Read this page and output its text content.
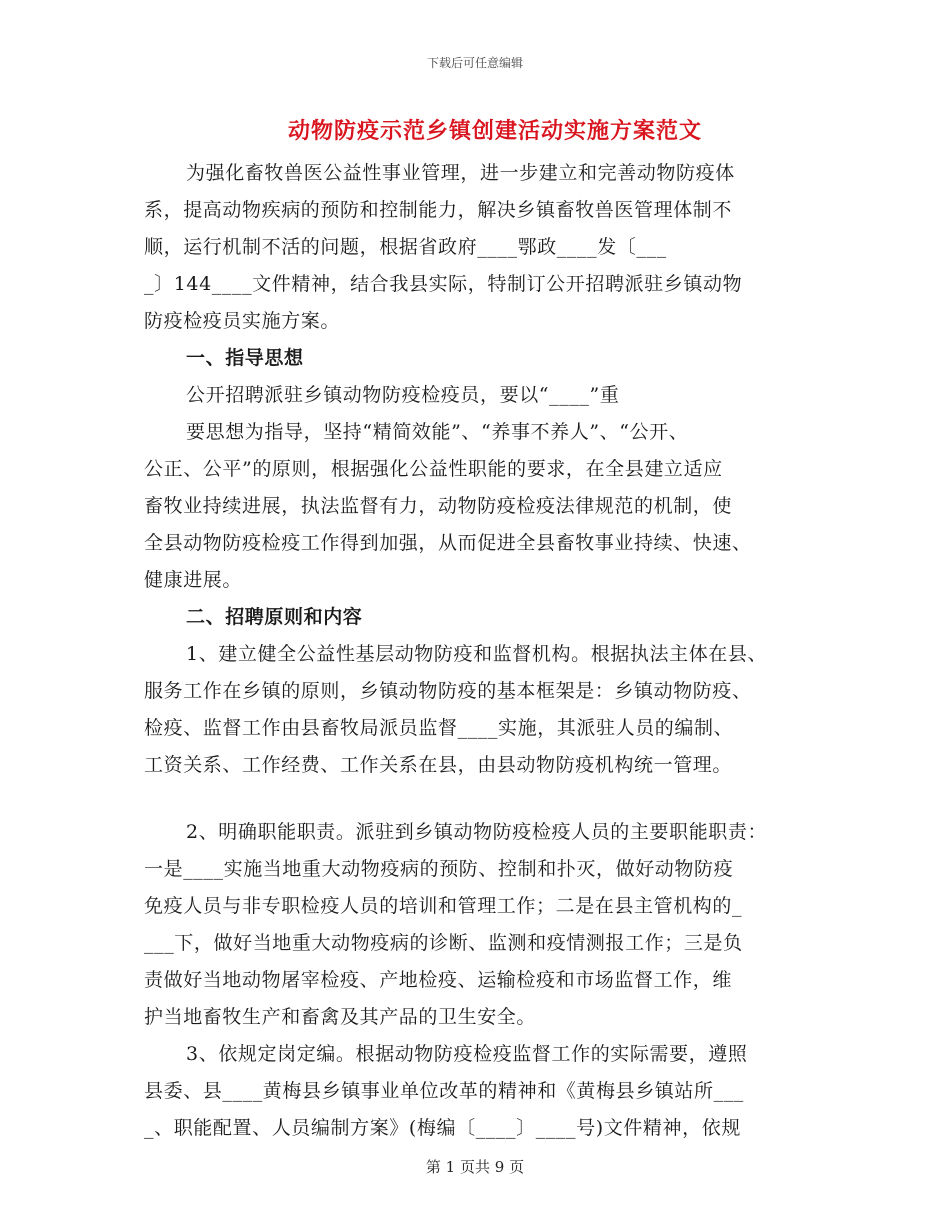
下载后可任意编辑
动物防疫示范乡镇创建活动实施方案范文
为强化畜牧兽医公益性事业管理，进一步建立和完善动物防疫体
系，提高动物疾病的预防和控制能力，解决乡镇畜牧兽医管理体制不
顺，运行机制不活的问题，根据省政府____鄂政____发〔___
_〕144____文件精神，结合我县实际，特制订公开招聘派驻乡镇动物
防疫检疫员实施方案。
一、指导思想
公开招聘派驻乡镇动物防疫检疫员，要以“____”重
要思想为指导，坚持“精简效能”、“养事不养人”、“公开、
公正、公平”的原则，根据强化公益性职能的要求，在全县建立适应
畜牧业持续进展，执法监督有力，动物防疫检疫法律规范的机制，使
全县动物防疫检疫工作得到加强，从而促进全县畜牧事业持续、快速、
健康进展。
二、招聘原则和内容
1、建立健全公益性基层动物防疫和监督机构。根据执法主体在县、
服务工作在乡镇的原则，乡镇动物防疫的基本框架是：乡镇动物防疫、
检疫、监督工作由县畜牧局派员监督____实施，其派驻人员的编制、
工资关系、工作经费、工作关系在县，由县动物防疫机构统一管理。
2、明确职能职责。派驻到乡镇动物防疫检疫人员的主要职能职责：
一是____实施当地重大动物疫病的预防、控制和扑灭，做好动物防疫
免疫人员与非专职检疫人员的培训和管理工作；二是在县主管机构的_
___下，做好当地重大动物疫病的诊断、监测和疫情测报工作；三是负
责做好当地动物屠宰检疫、产地检疫、运输检疫和市场监督工作，维
护当地畜牧生产和畜禽及其产品的卫生安全。
3、依规定岗定编。根据动物防疫检疫监督工作的实际需要，遵照
县委、县____黄梅县乡镇事业单位改革的精神和《黄梅县乡镇站所___
_、职能配置、人员编制方案》(梅编〔____〕____号)文件精神，依规
第 1 页共 9 页
